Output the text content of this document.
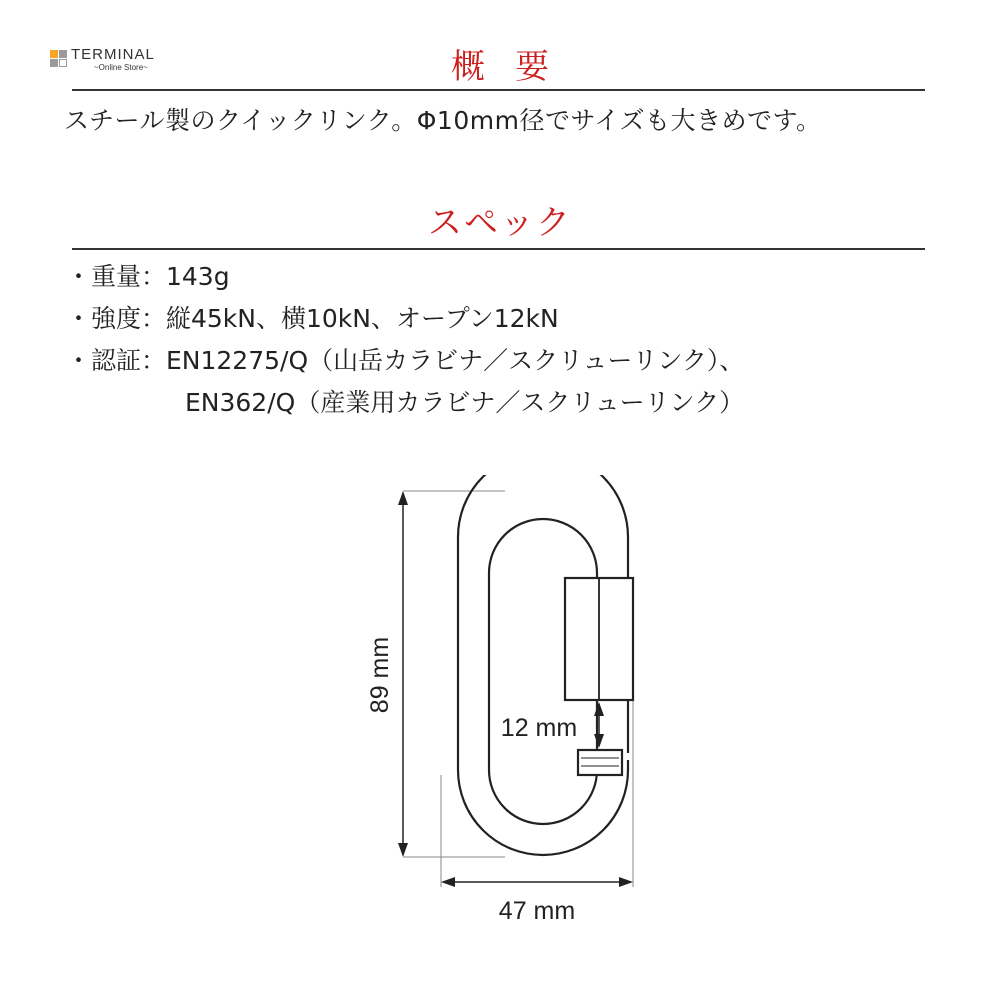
TERMINAL
~Online Store~	概要
スチール製のクイックリンク。Φ10mm径でサイズも大きめです。
スペック
・重量：143g
・強度：縦45kN、横10kN、オープン12kN
・認証：EN12275/Q（山岳カラビナ／スクリューリンク）、
EN362/Q（産業用カラビナ／スクリューリンク）
89 mm
47 mm
12 mm
